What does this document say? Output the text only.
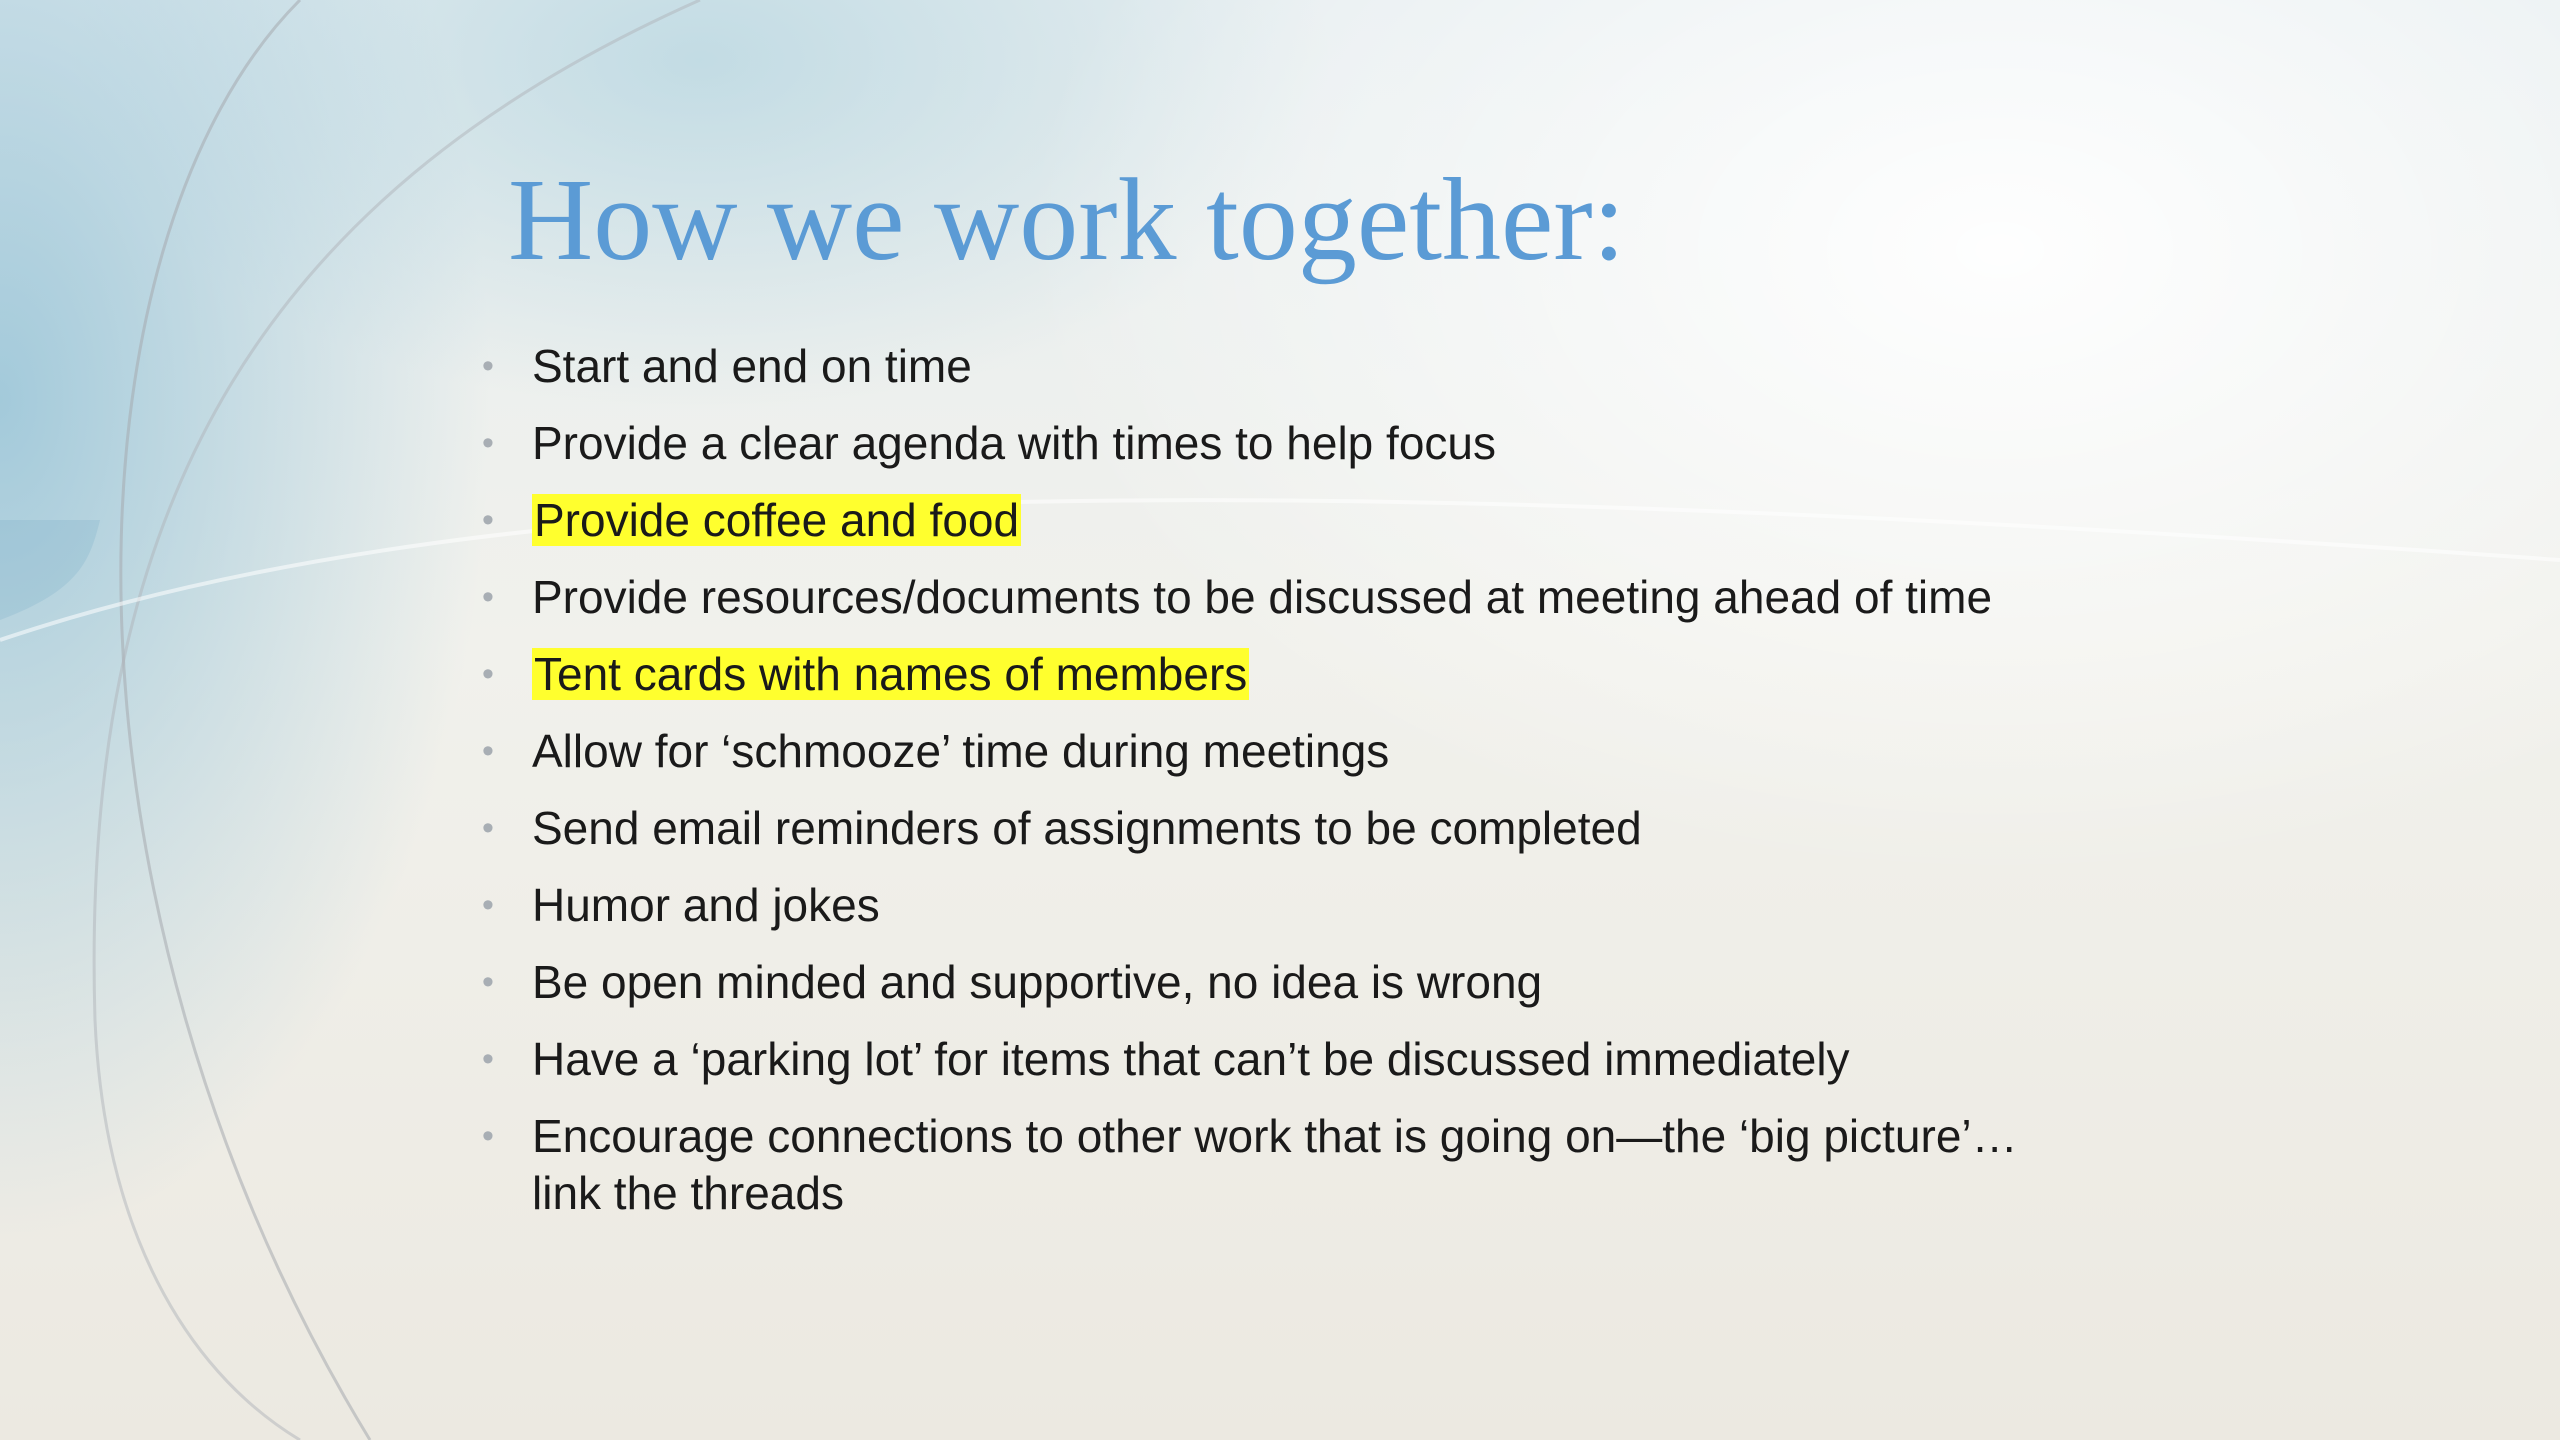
How we work together:
• Start and end on time
• Provide a clear agenda with times to help focus
• Provide coffee and food
• Provide resources/documents to be discussed at meeting ahead of time
• Tent cards with names of members
• Allow for ‘schmooze’ time during meetings
• Send email reminders of assignments to be completed
• Humor and jokes
• Be open minded and supportive, no idea is wrong
• Have a ‘parking lot’ for items that can’t be discussed immediately
• Encourage connections to other work that is going on—the ‘big picture’… link the threads
